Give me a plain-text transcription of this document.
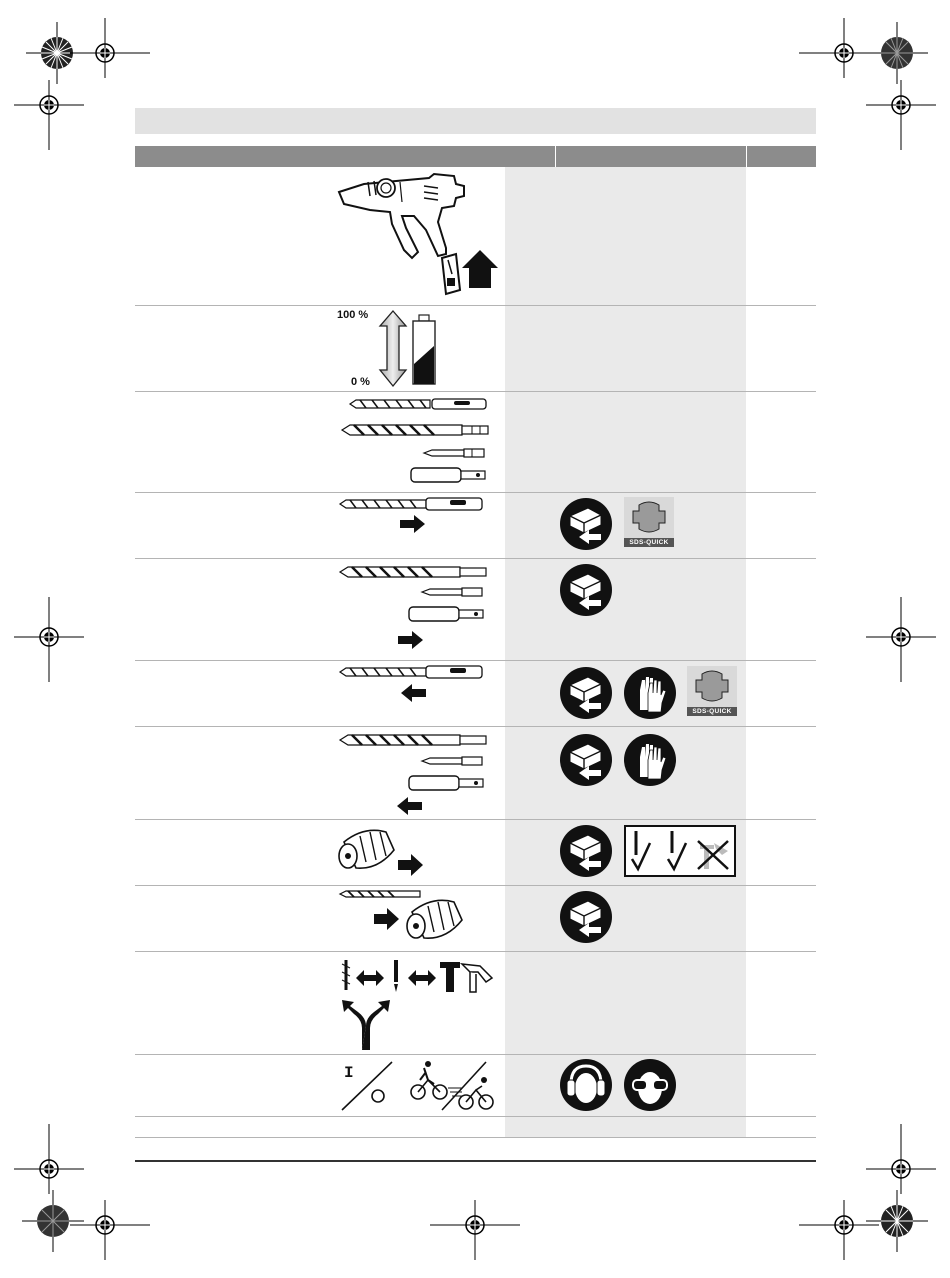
100 %
0 %
SDS-QUICK
SDS-QUICK
I
